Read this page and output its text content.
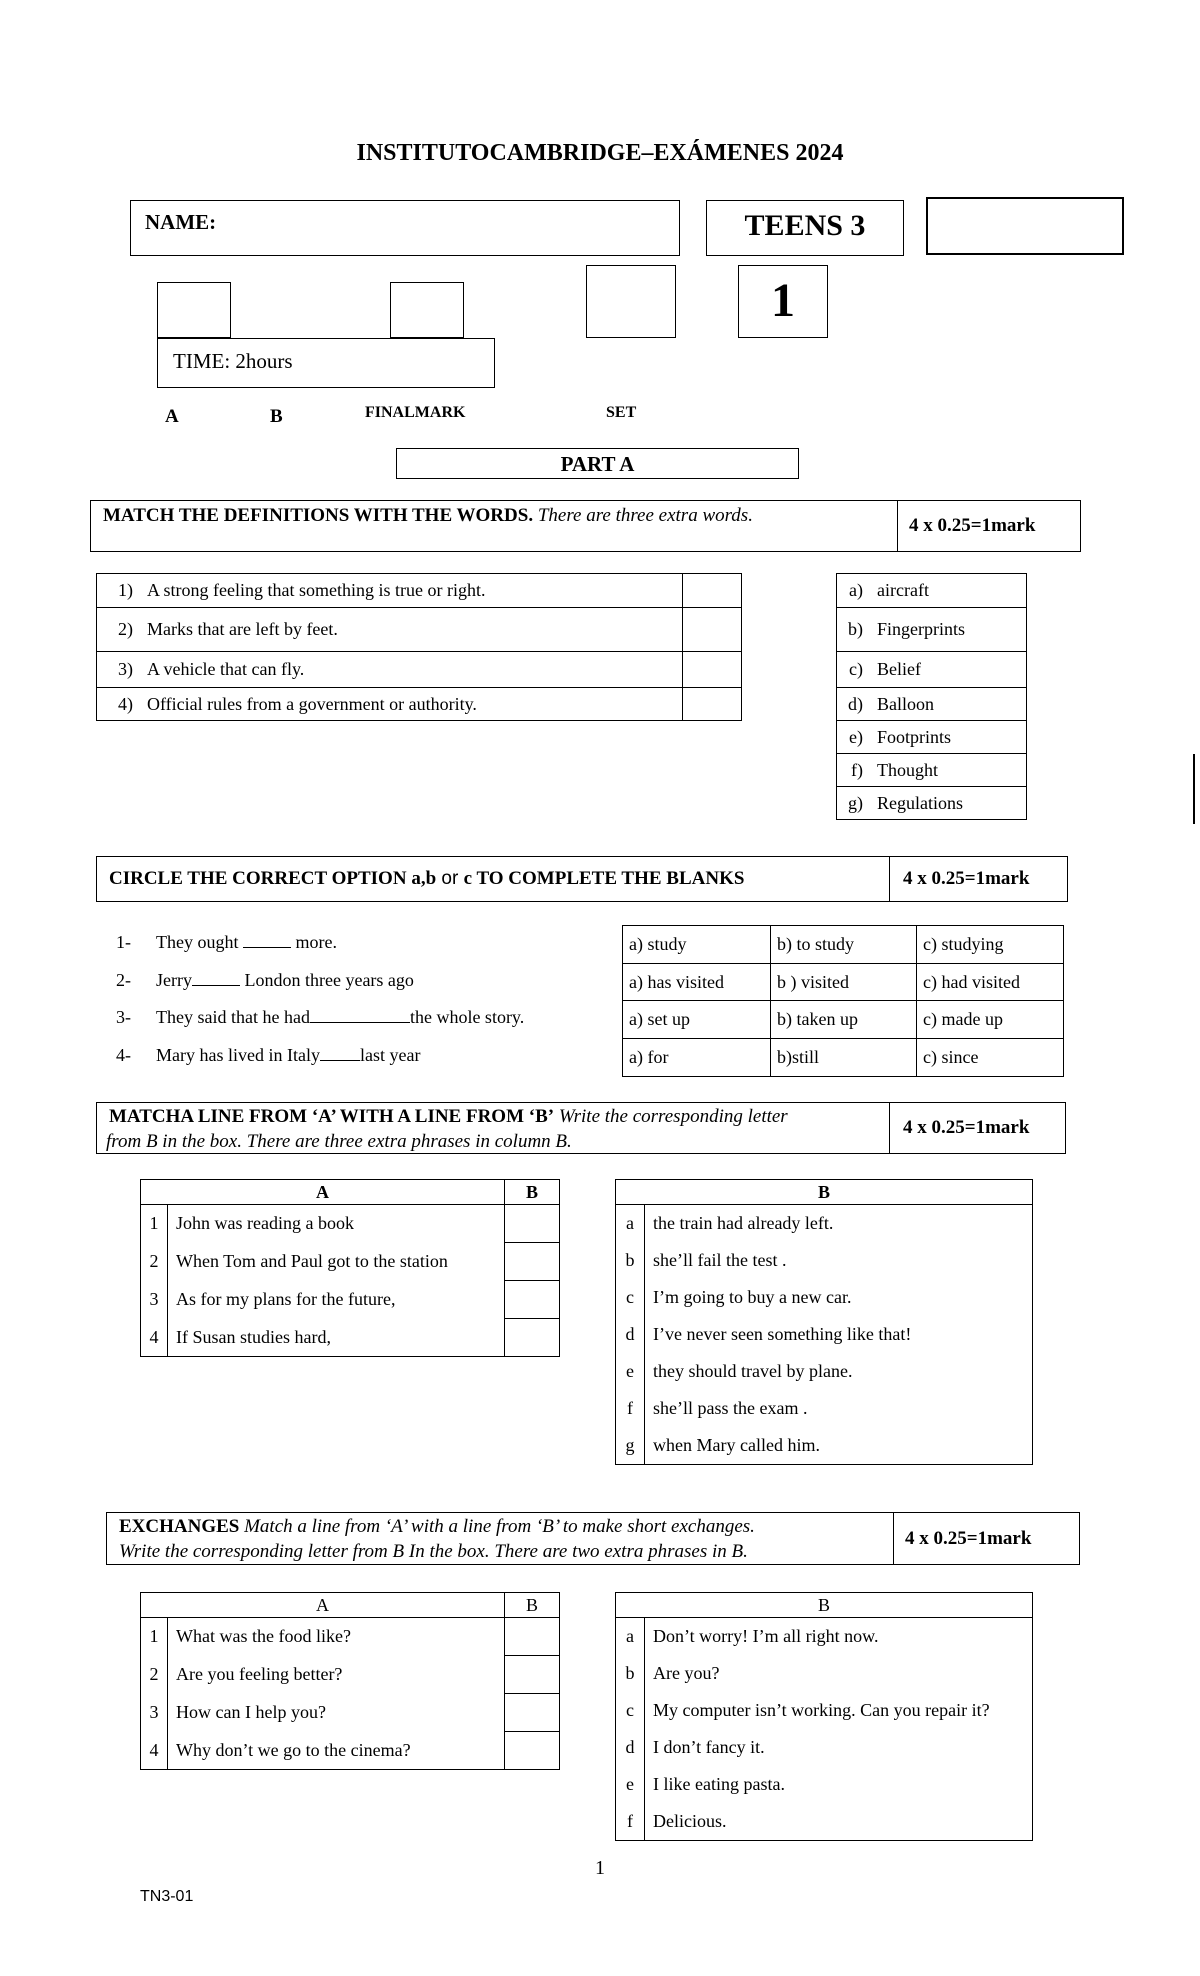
INSTITUTOCAMBRIDGE–EXÁMENES 2024
NAME:	TEENS 3
1
TIME: 2hours
A	B	FINALMARK	SET
PART A
MATCH THE DEFINITIONS WITH THE WORDS. There are three extra words.	4 x 0.25=1mark
1) A strong feeling that something is true or right.	
2) Marks that are left by feet.	
3) A vehicle that can fly.	
4) Official rules from a government or authority.	
a) aircraft
b) Fingerprints
c) Belief
d) Balloon
e) Footprints
f) Thought
g) Regulations
CIRCLE THE CORRECT OPTION a,b or c TO COMPLETE THE BLANKS	4 x 0.25=1mark
1- They ought	more.
2- Jerry	London three years ago
3- They said that he had	the whole story.
4- Mary has lived in Italy last year
a) study	b) to study	c) studying
a) has visited	b ) visited	c) had visited
a) set up	b) taken up	c) made up
a) for	b)still	c) since
MATCHA LINE FROM ‘A’ WITH A LINE FROM ‘B’ Write the corresponding letter
from B in the box. There are three extra phrases in column B.
4 x 0.25=1mark
A		B
1	John was reading a book	
2	When Tom and Paul got to the station	
3	As for my plans for the future,	
4	If Susan studies hard,	
B	
a	the train had already left.
b	she’ll fail the test .
c	I’m going to buy a new car.
d	I’ve never seen something like that!
e	they should travel by plane.
f	she’ll pass the exam .
g	when Mary called him.
EXCHANGES Match a line from ‘A’ with a line from ‘B’ to make short exchanges.
Write the corresponding letter from B In the box. There are two extra phrases in B.
4 x 0.25=1mark
A		B
1	What was the food like?	
2	Are you feeling better?	
3	How can I help you?	
4	Why don’t we go to the cinema?	
B	
a	Don’t worry! I’m all right now.
b	Are you?
c	My computer isn’t working. Can you repair it?
d	I don’t fancy it.
e	I like eating pasta.
f	Delicious.
1
TN3-01
